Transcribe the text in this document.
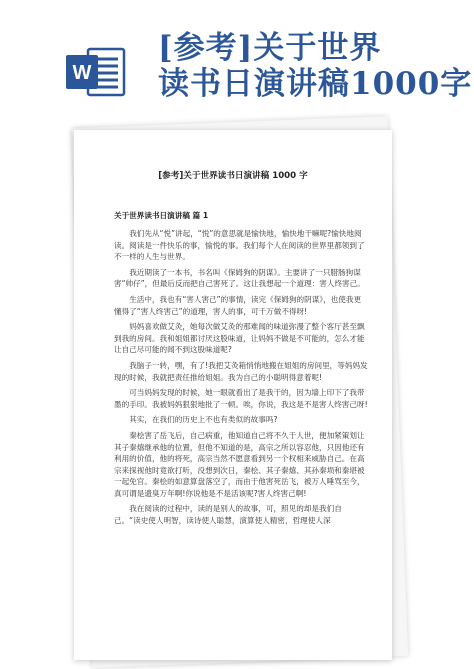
W
[参考]关于世界
读书日演讲稿1000字
[参考]关于世界读书日演讲稿 1000 字
关于世界读书日演讲稿 篇 1

我们先从“悦”讲起，“悦”的意思就是愉快地，愉快地干嘛呢?愉快地阅读。阅读是一件快乐的事，愉悦的事。我们每个人在阅读的世界里都领到了不一样的人生与世界。

我近期读了一本书，书名叫《保姆狗的阴谋》。主要讲了一只腊肠狗谋害“帅仔”，但最后反而把自己害死了。这让我想起一个道理：害人终害己。

生活中，我也有“害人害己”的事情，读完《保姆狗的阴谋》，也使我更懂得了“害人终害己”的道理，害人的事，可千万做不得呀!

妈妈喜欢做艾灸，她每次做艾灸的那难闻的味道弥漫了整个客厅甚至飘到我的房间。我和姐姐都讨厌这股味道，让妈妈不做是不可能的，怎么才能让自己尽可能的闻不到这股味道呢?

我脑子一转，嘿，有了!我把艾灸箱悄悄地搬在姐姐的房间里，等妈妈发现的时候，我就把责任推给姐姐。我为自己的小聪明得意着呢!

可当妈妈发现的时候，她一眼就看出了是我干的，因为墙上印下了我带墨的手印。我被妈妈狠狠地批了一顿。唉，你说，我这是不是害人终害己呀!

其实，在我们的历史上不也有类似的故事吗?

秦桧害了岳飞后，自己病重，他知道自己将不久于人世，便加紧策划让其子秦熺继承他的位置，但他不知道的是，高宗之所以容忍他，只因他还有利用的价值，他的将死，高宗当然不愿意看到另一个权相来威胁自己。在高宗来探视他时竟欲打听，没想到次日，秦桧、其子秦熺、其孙秦埙和秦堪被一起免官。秦桧的如意算盘落空了，而由于他害死岳飞，被万人唾骂至今，真可谓是遗臭万年啊!你说他是不是活该呢?害人终害己啊!

我在阅读的过程中，读的是别人的故事，可，照见的却是我们自己。“读史使人明智，读诗使人聪慧，演算使人精密，哲理使人深
